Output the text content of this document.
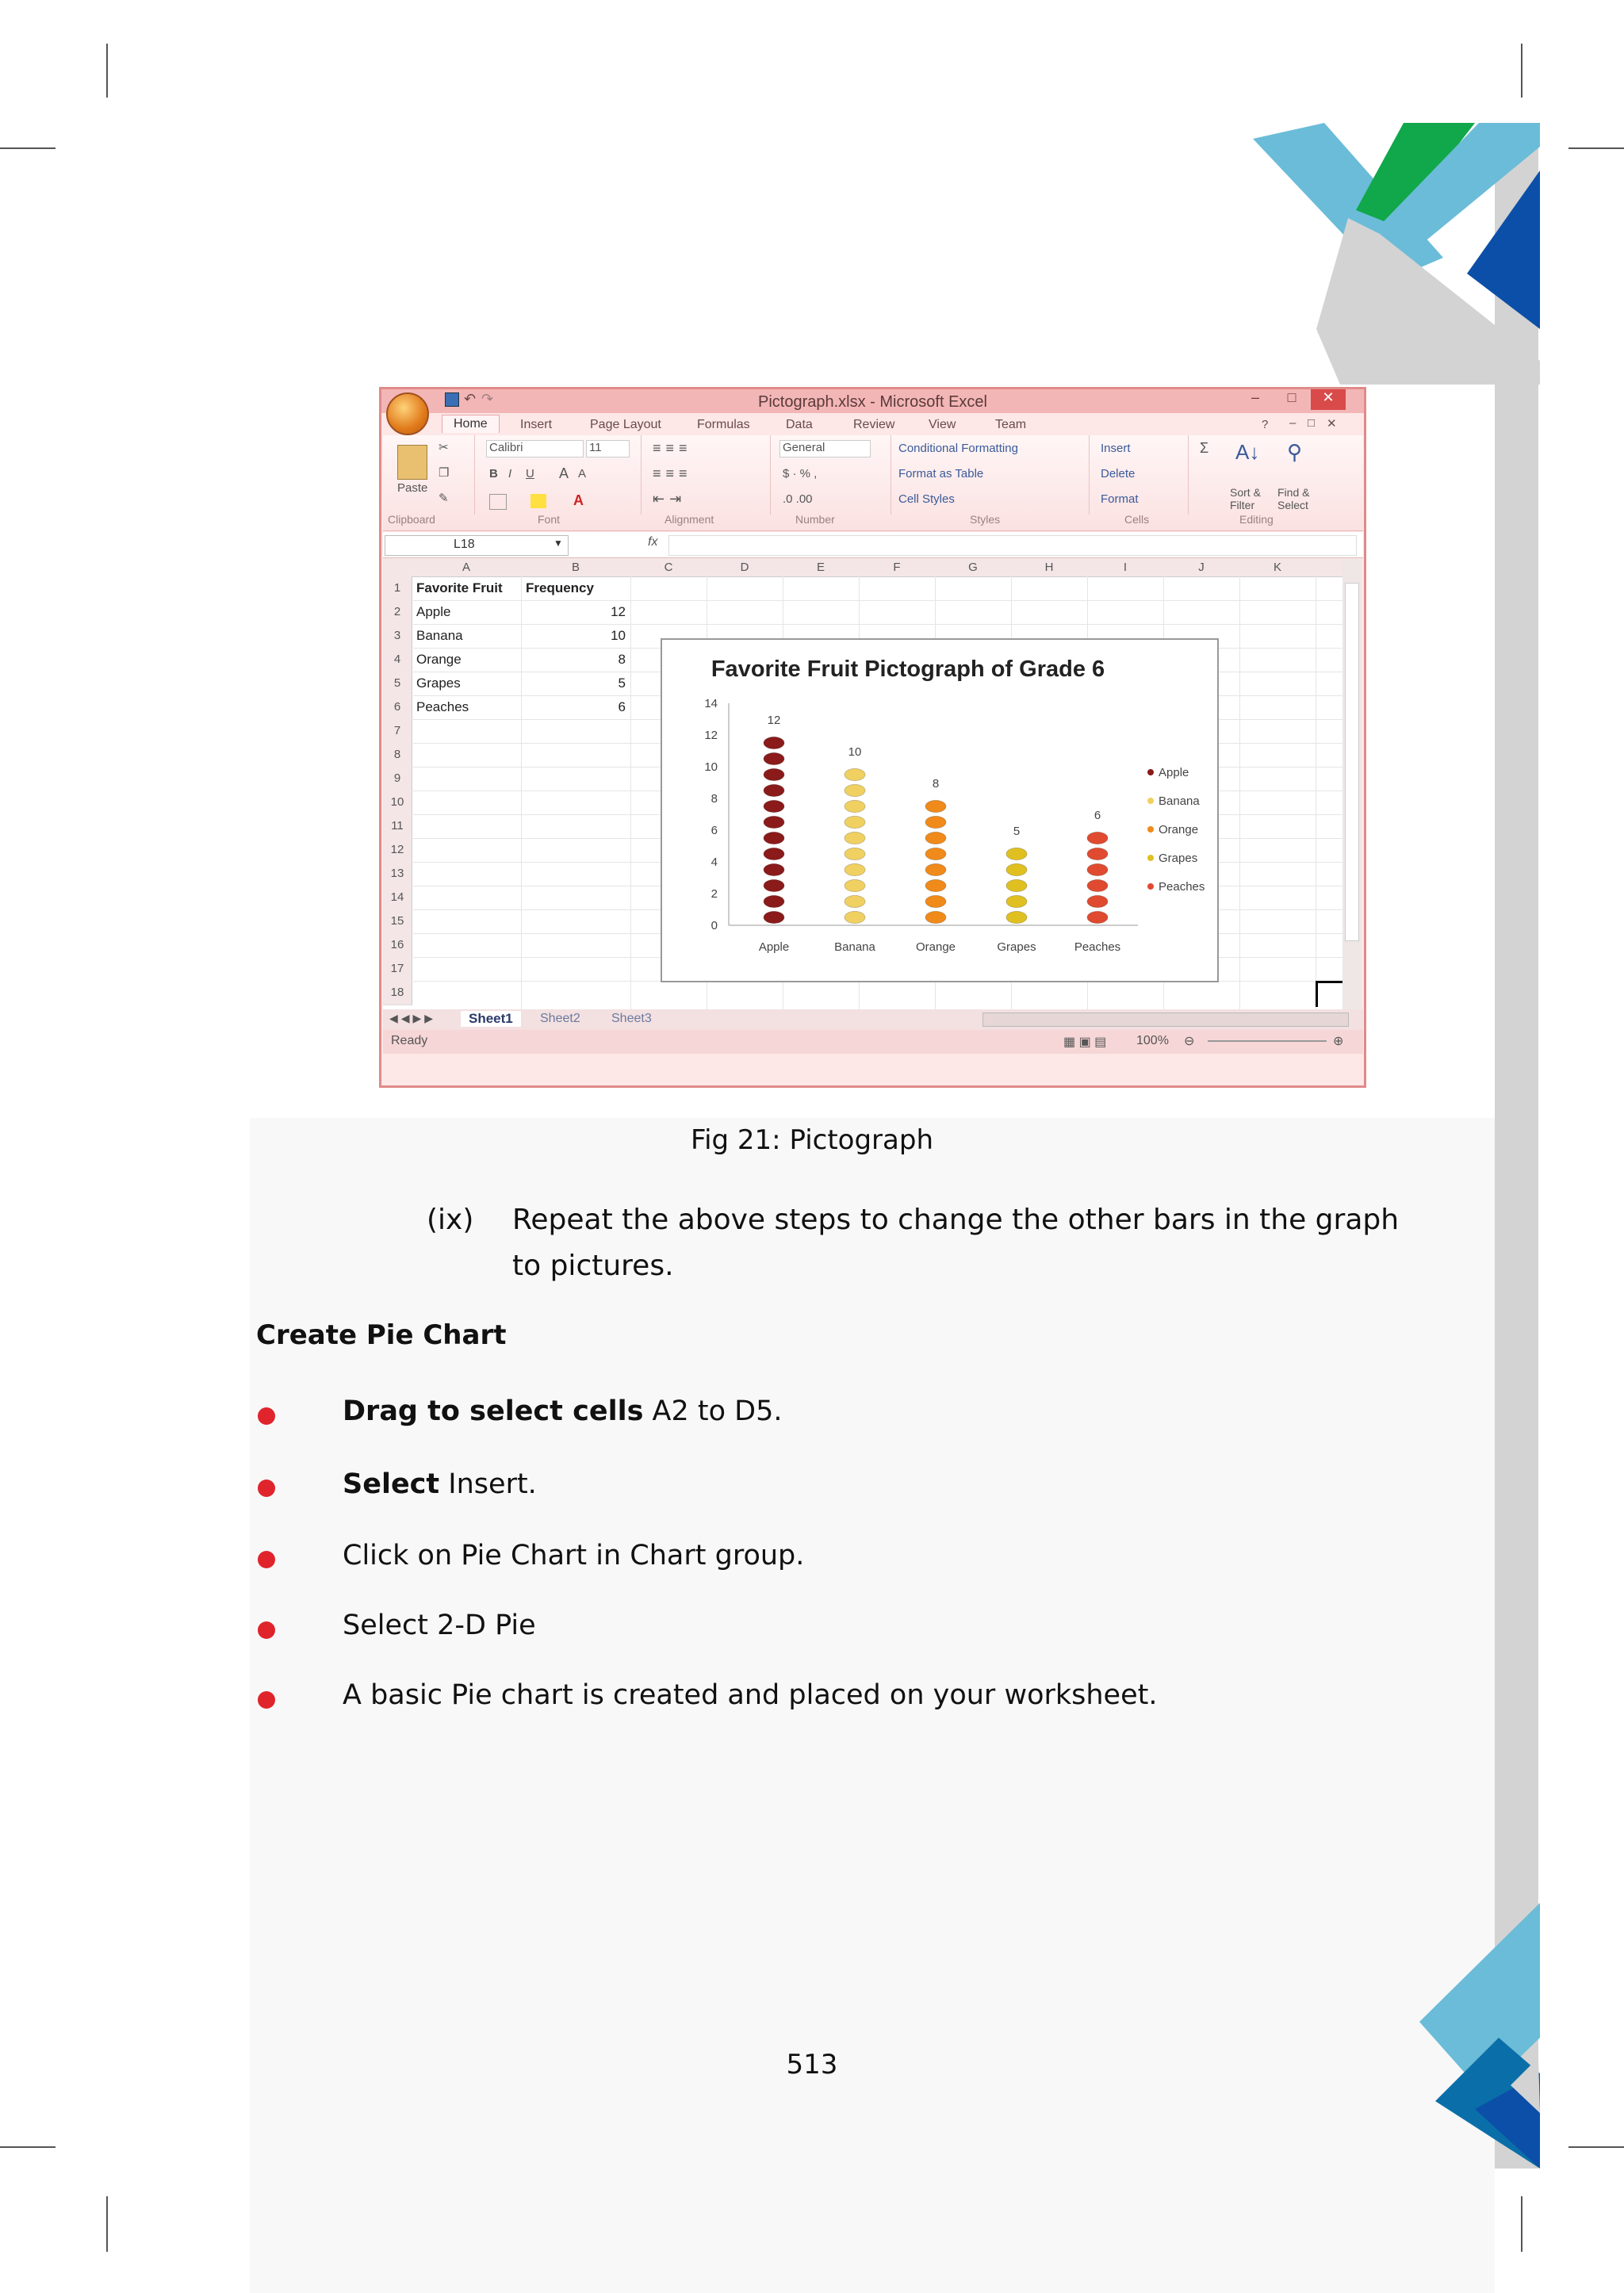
Pictograph.xlsx - Microsoft Excel
↶ ↷	–	□	✕
Home	Insert	Page Layout	Formulas	Data	Review	View	Team	? – □ ✕
Paste
✂
❐
✎
Calibri	11
B I U A A
A
≡≡≡
≡≡≡
⇤⇥
General
$ · % ,
.0 .00
Conditional Formatting
Format as Table
Cell Styles
Insert
Delete
Format
Σ A↓ ⚲
Sort & Filter
Find & Select
Clipboard	Font	Alignment	Number	Styles	Cells	Editing
L18	▼	fx
A	B	C	D	E	F	G	H	I	J	K
1
2
3
4
5
6
7
8
9
10
11
12
13
14
15
16
17
18
Favorite Fruit Frequency
Apple	12
Banana	10
Orange	8
Grapes	5
Peaches	6
Favorite Fruit Pictograph of Grade 6
0
2
4
6
8
10
12
14
12
10
8
5
6
Apple	Banana	Orange	Grapes	Peaches
Apple
Banana
Orange
Grapes
Peaches
◀◀▶▶	Sheet1	Sheet2 Sheet3
Ready	▦ ▣ ▤ 100% ⊖	⊕
Fig 21: Pictograph
(ix) Repeat the above steps to change the other bars in the graph
to pictures.
Create Pie Chart
Drag to select cells A2 to D5.
Select Insert.
Click on Pie Chart in Chart group.
Select 2-D Pie
A basic Pie chart is created and placed on your worksheet.
513
